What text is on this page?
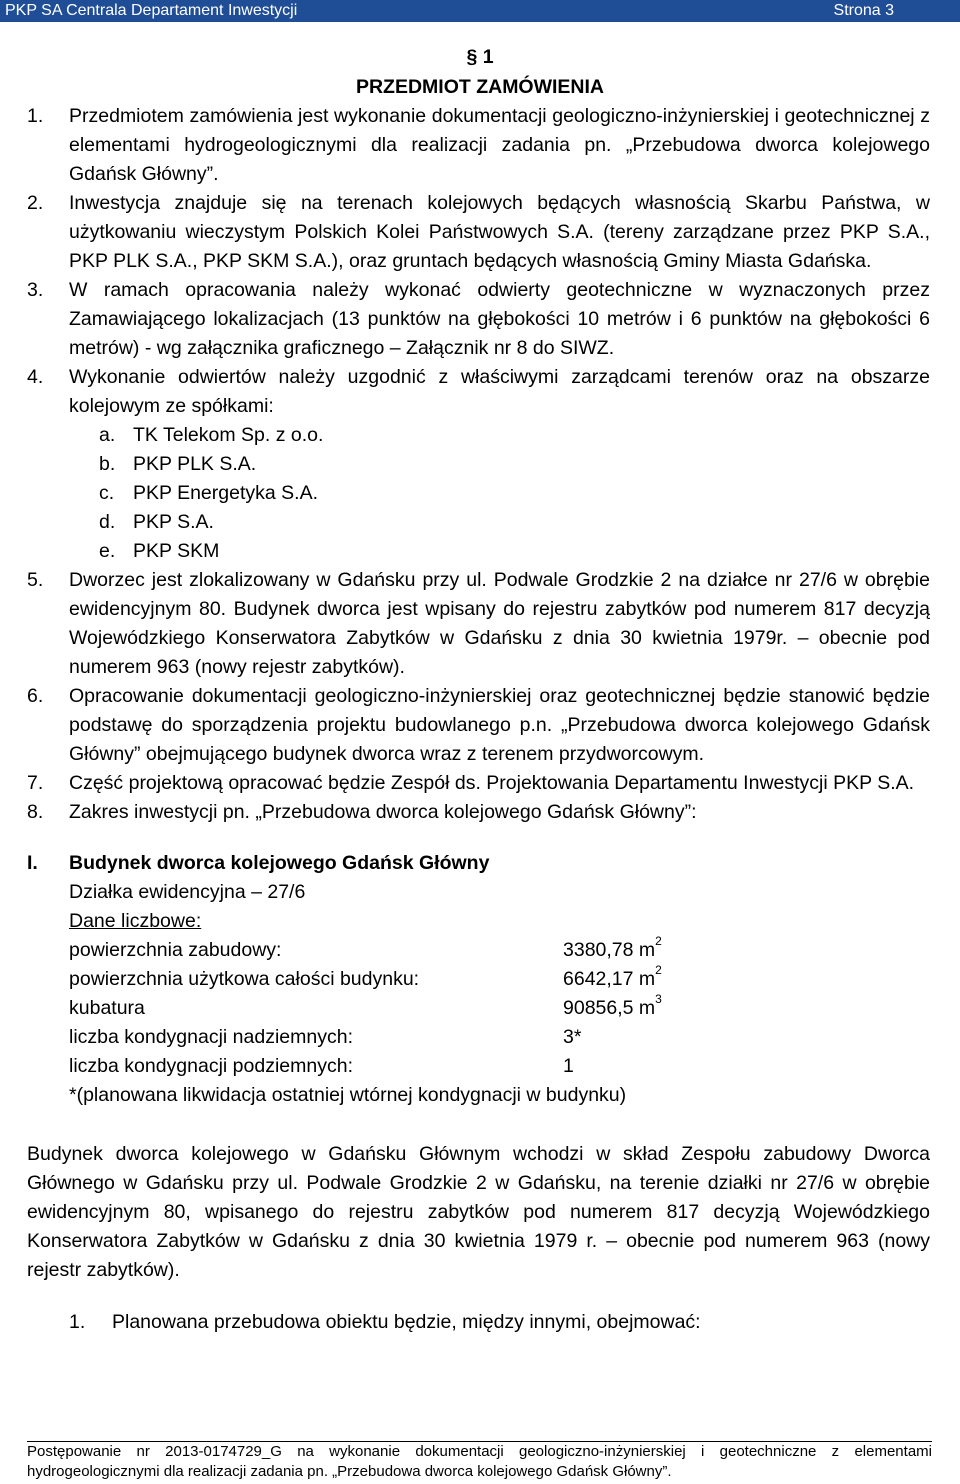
PKP SA Centrala Departament Inwestycji	Strona 3
§ 1
PRZEDMIOT ZAMÓWIENIA
1. Przedmiotem zamówienia jest wykonanie dokumentacji geologiczno-inżynierskiej i geotechnicznej z elementami hydrogeologicznymi dla realizacji zadania pn. „Przebudowa dworca kolejowego Gdańsk Główny”.
2. Inwestycja znajduje się na terenach kolejowych będących własnością Skarbu Państwa, w użytkowaniu wieczystym Polskich Kolei Państwowych S.A. (tereny zarządzane przez PKP S.A., PKP PLK S.A., PKP SKM S.A.), oraz gruntach będących własnością Gminy Miasta Gdańska.
3. W ramach opracowania należy wykonać odwierty geotechniczne w wyznaczonych przez Zamawiającego lokalizacjach (13 punktów na głębokości 10 metrów i 6 punktów na głębokości 6 metrów) - wg załącznika graficznego – Załącznik nr 8 do SIWZ.
4. Wykonanie odwiertów należy uzgodnić z właściwymi zarządcami terenów oraz na obszarze kolejowym ze spółkami:
a. TK Telekom Sp. z o.o.
b. PKP PLK S.A.
c. PKP Energetyka S.A.
d. PKP S.A.
e. PKP SKM
5. Dworzec jest zlokalizowany w Gdańsku przy ul. Podwale Grodzkie 2 na działce nr 27/6 w obrębie ewidencyjnym 80. Budynek dworca jest wpisany do rejestru zabytków pod numerem 817 decyzją Wojewódzkiego Konserwatora Zabytków w Gdańsku z dnia 30 kwietnia 1979r. – obecnie pod numerem 963 (nowy rejestr zabytków).
6. Opracowanie dokumentacji geologiczno-inżynierskiej oraz geotechnicznej będzie stanowić będzie podstawę do sporządzenia projektu budowlanego p.n. „Przebudowa dworca kolejowego Gdańsk Główny” obejmującego budynek dworca wraz z terenem przydworcowym.
7. Część projektową opracować będzie Zespół ds. Projektowania Departamentu Inwestycji PKP S.A.
8. Zakres inwestycji pn. „Przebudowa dworca kolejowego Gdańsk Główny”:
I. Budynek dworca kolejowego Gdańsk Główny
Działka ewidencyjna – 27/6
Dane liczbowe:
powierzchnia zabudowy:	3380,78 $m^2$
powierzchnia użytkowa całości budynku:	6642,17 $m^2$
kubatura	90856,5 $m^3$
liczba kondygnacji nadziemnych:	3*
liczba kondygnacji podziemnych:	1
*(planowana likwidacja ostatniej wtórnej kondygnacji w budynku)
Budynek dworca kolejowego w Gdańsku Głównym wchodzi w skład Zespołu zabudowy Dworca Głównego w Gdańsku przy ul. Podwale Grodzkie 2 w Gdańsku, na terenie działki nr 27/6 w obrębie ewidencyjnym 80, wpisanego do rejestru zabytków pod numerem 817 decyzją Wojewódzkiego Konserwatora Zabytków w Gdańsku z dnia 30 kwietnia 1979 r. – obecnie pod numerem 963 (nowy rejestr zabytków).
1. Planowana przebudowa obiektu będzie, między innymi, obejmować:
Postępowanie nr 2013-0174729_G na wykonanie dokumentacji geologiczno-inżynierskiej i geotechniczne z elementami
hydrogeologicznymi dla realizacji zadania pn. „Przebudowa dworca kolejowego Gdańsk Główny”.
